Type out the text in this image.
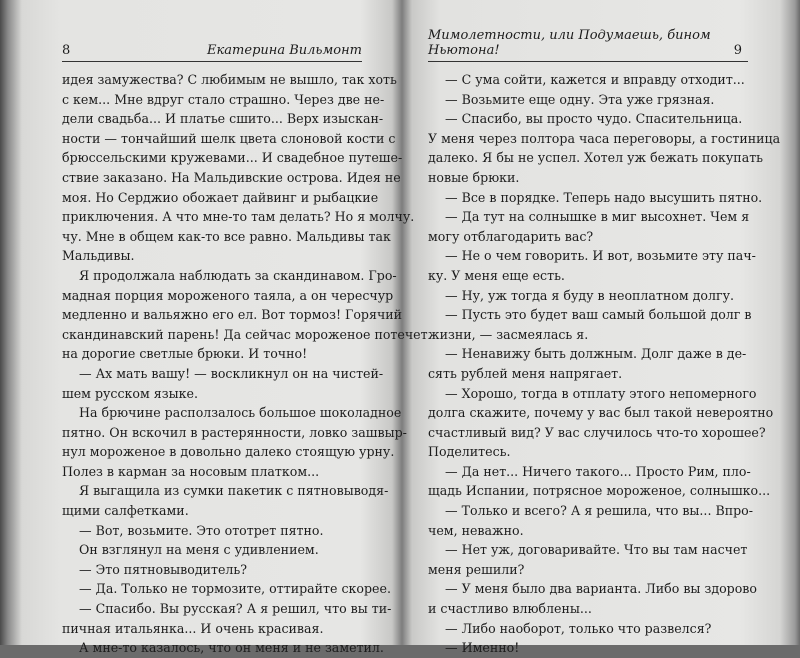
8	Екатерина Вильмонт
идея замужества? С любимым не вышло, так хоть
с кем... Мне вдруг стало страшно. Через две не-
дели свадьба... И платье сшито... Верх изыскан-
ности — тончайший шелк цвета слоновой кости с
брюссельскими кружевами... И свадебное путеше-
ствие заказано. На Мальдивские острова. Идея не
моя. Но Серджио обожает дайвинг и рыбацкие
приключения. А что мне-то там делать? Но я молчу.
чу. Мне в общем как-то все равно. Мальдивы так
Мальдивы.
Я продолжала наблюдать за скандинавом. Гро-
мадная порция мороженого таяла, а он чересчур
медленно и вальяжно его ел. Вот тормоз! Горячий
скандинавский парень! Да сейчас мороженое потечет
на дорогие светлые брюки. И точно!
— Ах мать вашу! — воскликнул он на чистей-
шем русском языке.
На брючине расползалось большое шоколадное
пятно. Он вскочил в растерянности, ловко зашвыр-
нул мороженое в довольно далеко стоящую урну.
Полез в карман за носовым платком...
Я выгащила из сумки пакетик с пятновыводя-
щими салфетками.
— Вот, возьмите. Это ототрет пятно.
Он взглянул на меня с удивлением.
— Это пятновыводитель?
— Да. Только не тормозите, оттирайте скорее.
— Спасибо. Вы русская? А я решил, что вы ти-
пичная итальянка... И очень красивая.
А мне-то казалось, что он меня и не заметил.
Мимолетности, или Подумаешь, бином Ньютона!	9
— С ума сойти, кажется и вправду отходит...
— Возьмите еще одну. Эта уже грязная.
— Спасибо, вы просто чудо. Спасительница.
У меня через полтора часа переговоры, а гостиница
далеко. Я бы не успел. Хотел уж бежать покупать
новые брюки.
— Все в порядке. Теперь надо высушить пятно.
— Да тут на солнышке в миг высохнет. Чем я
могу отблагодарить вас?
— Не о чем говорить. И вот, возьмите эту пач-
ку. У меня еще есть.
— Ну, уж тогда я буду в неоплатном долгу.
— Пусть это будет ваш самый большой долг в
жизни, — засмеялась я.
— Ненавижу быть должным. Долг даже в де-
сять рублей меня напрягает.
— Хорошо, тогда в отплату этого непомерного
долга скажите, почему у вас был такой невероятно
счастливый вид? У вас случилось что-то хорошее?
Поделитесь.
— Да нет... Ничего такого... Просто Рим, пло-
щадь Испании, потрясное мороженое, солнышко...
— Только и всего? А я решила, что вы... Впро-
чем, неважно.
— Нет уж, договаривайте. Что вы там насчет
меня решили?
— У меня было два варианта. Либо вы здорово
и счастливо влюблены...
— Либо наоборот, только что развелся?
— Именно!
